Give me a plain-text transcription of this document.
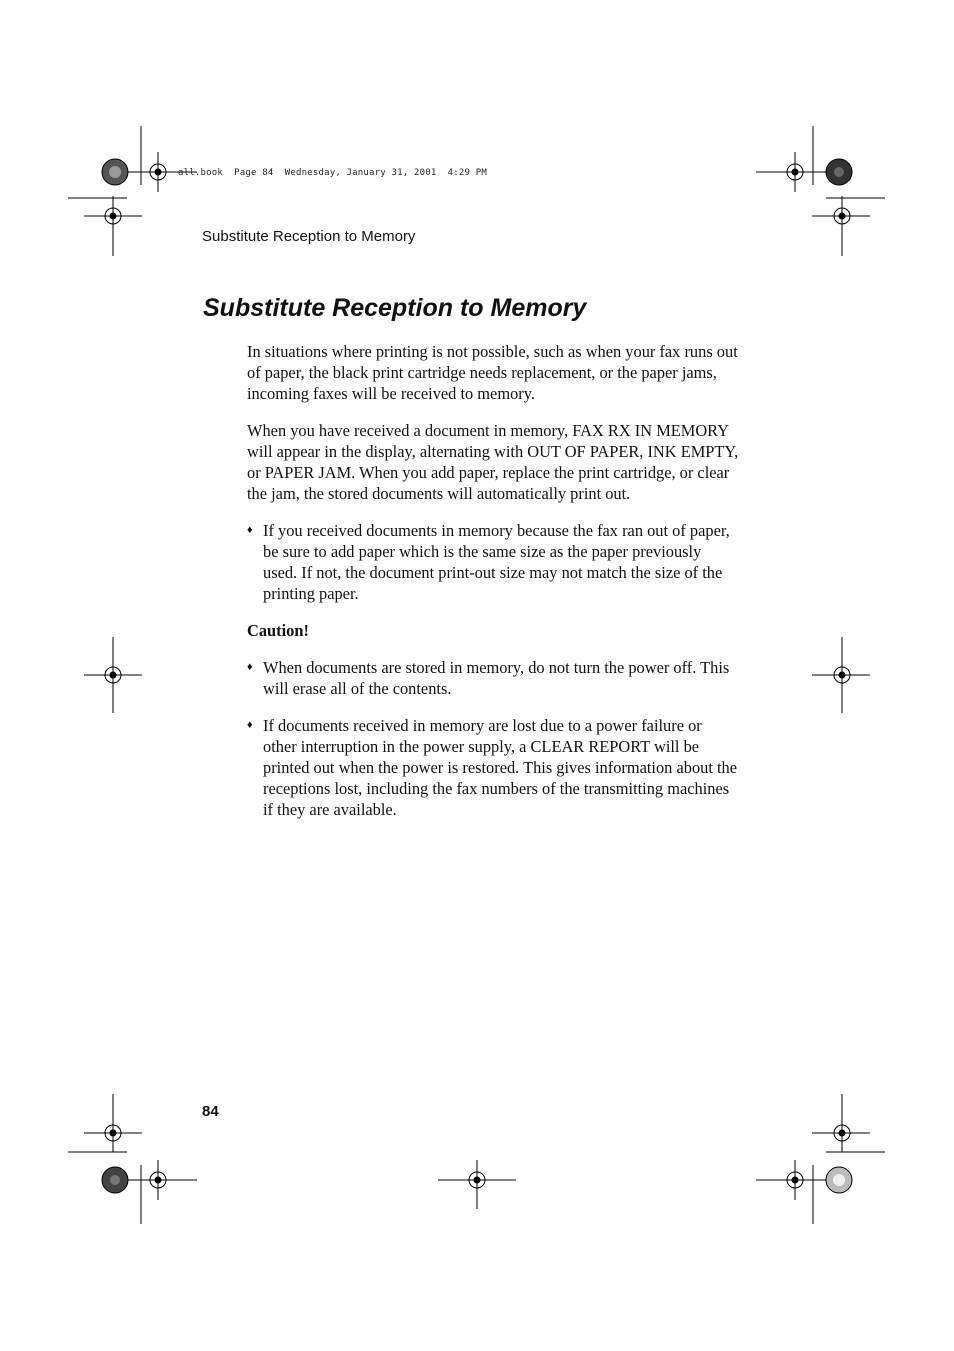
all.book  Page 84  Wednesday, January 31, 2001  4:29 PM
Substitute Reception to Memory
Substitute Reception to Memory

In situations where printing is not possible, such as when your fax runs out of paper, the black print cartridge needs replacement, or the paper jams, incoming faxes will be received to memory.

When you have received a document in memory, FAX RX IN MEMORY will appear in the display, alternating with OUT OF PAPER, INK EMPTY, or PAPER JAM. When you add paper, replace the print cartridge, or clear the jam, the stored documents will automatically print out.

♦ If you received documents in memory because the fax ran out of paper, be sure to add paper which is the same size as the paper previously used. If not, the document print-out size may not match the size of the printing paper.
Caution!
♦ When documents are stored in memory, do not turn the power off. This will erase all of the contents.
♦ If documents received in memory are lost due to a power failure or other interruption in the power supply, a CLEAR REPORT will be printed out when the power is restored. This gives information about the receptions lost, including the fax numbers of the transmitting machines if they are available.
84
